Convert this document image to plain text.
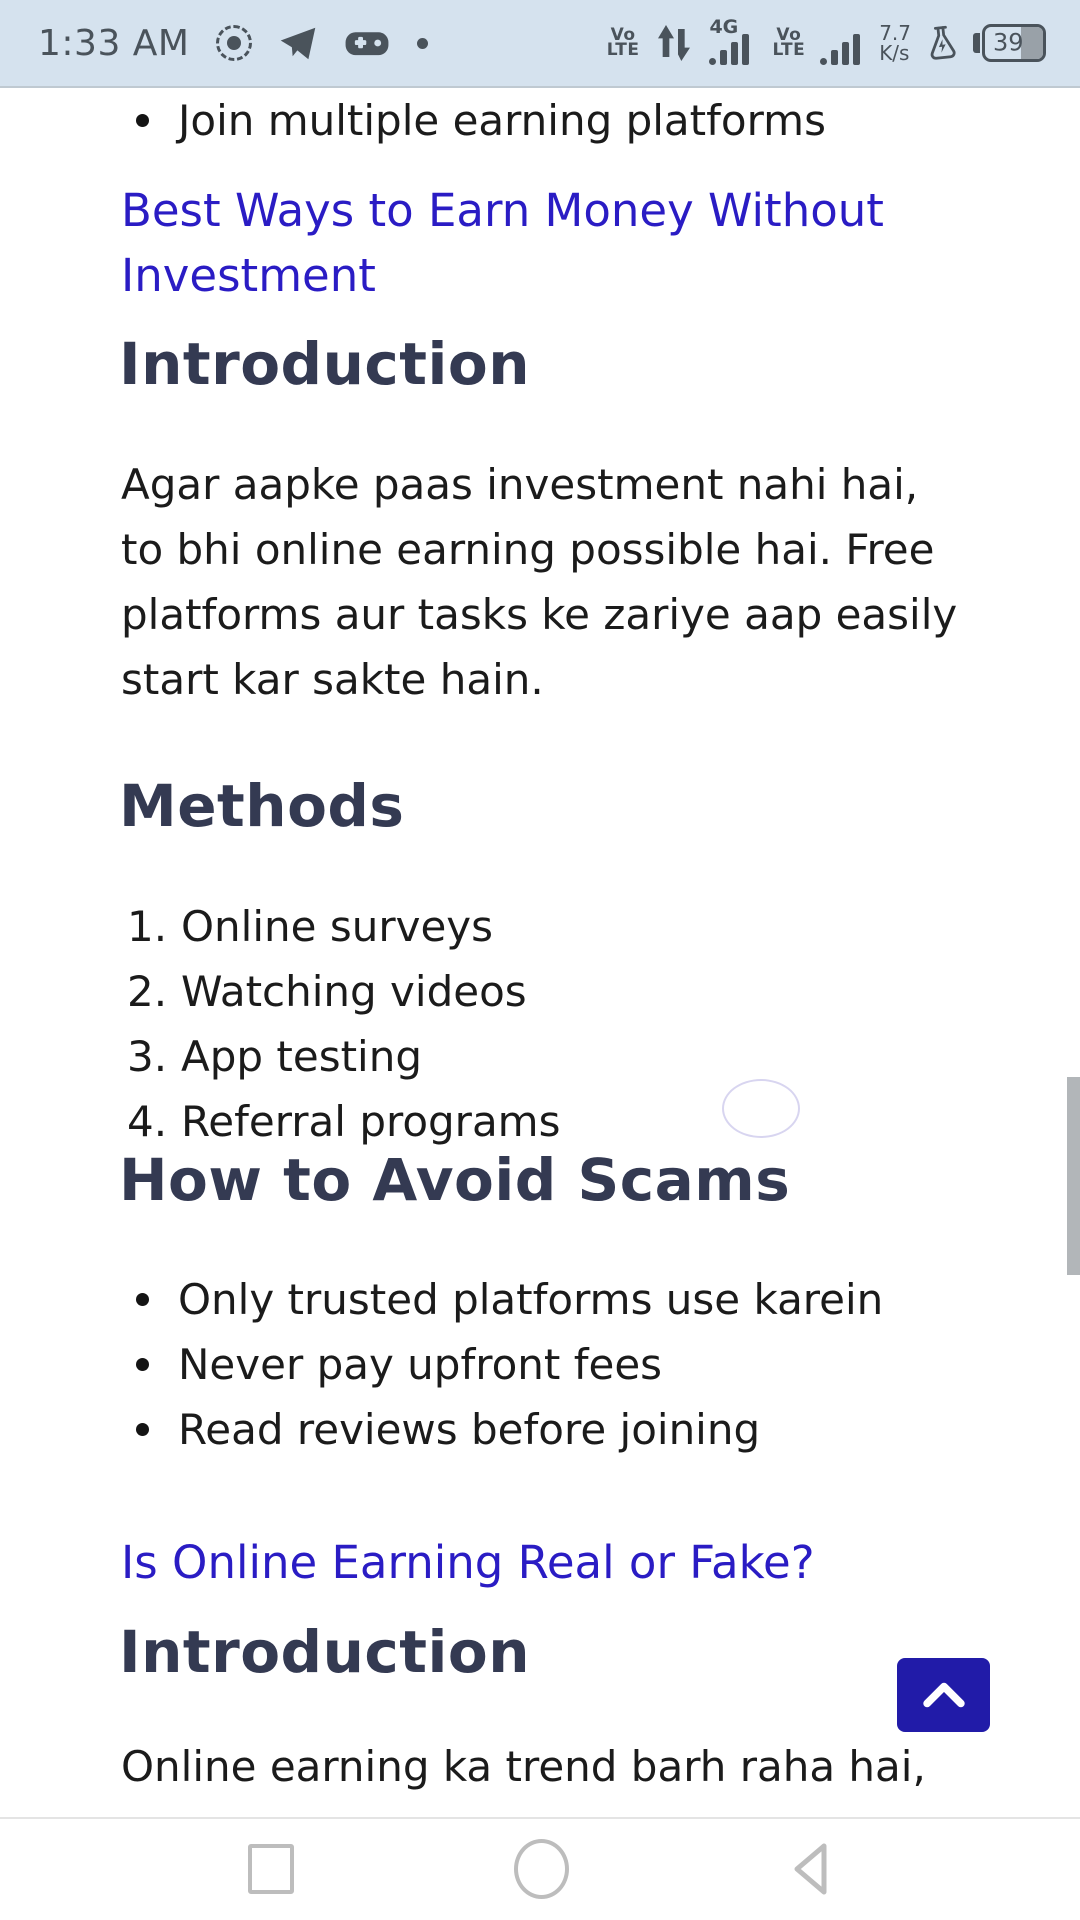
1:33 AM	Vo
LTE
4G Vo
LTE
7.7
K/s	39
Join multiple earning platforms
Best Ways to Earn Money Without
Investment
Introduction
Agar aapke paas investment nahi hai,
to bhi online earning possible hai. Free
platforms aur tasks ke zariye aap easily
start kar sakte hain.
Methods
1. Online surveys
2. Watching videos
3. App testing
4. Referral programs
How to Avoid Scams
Only trusted platforms use karein
Never pay upfront fees
Read reviews before joining
Is Online Earning Real or Fake?
Introduction
Online earning ka trend barh raha hai,
